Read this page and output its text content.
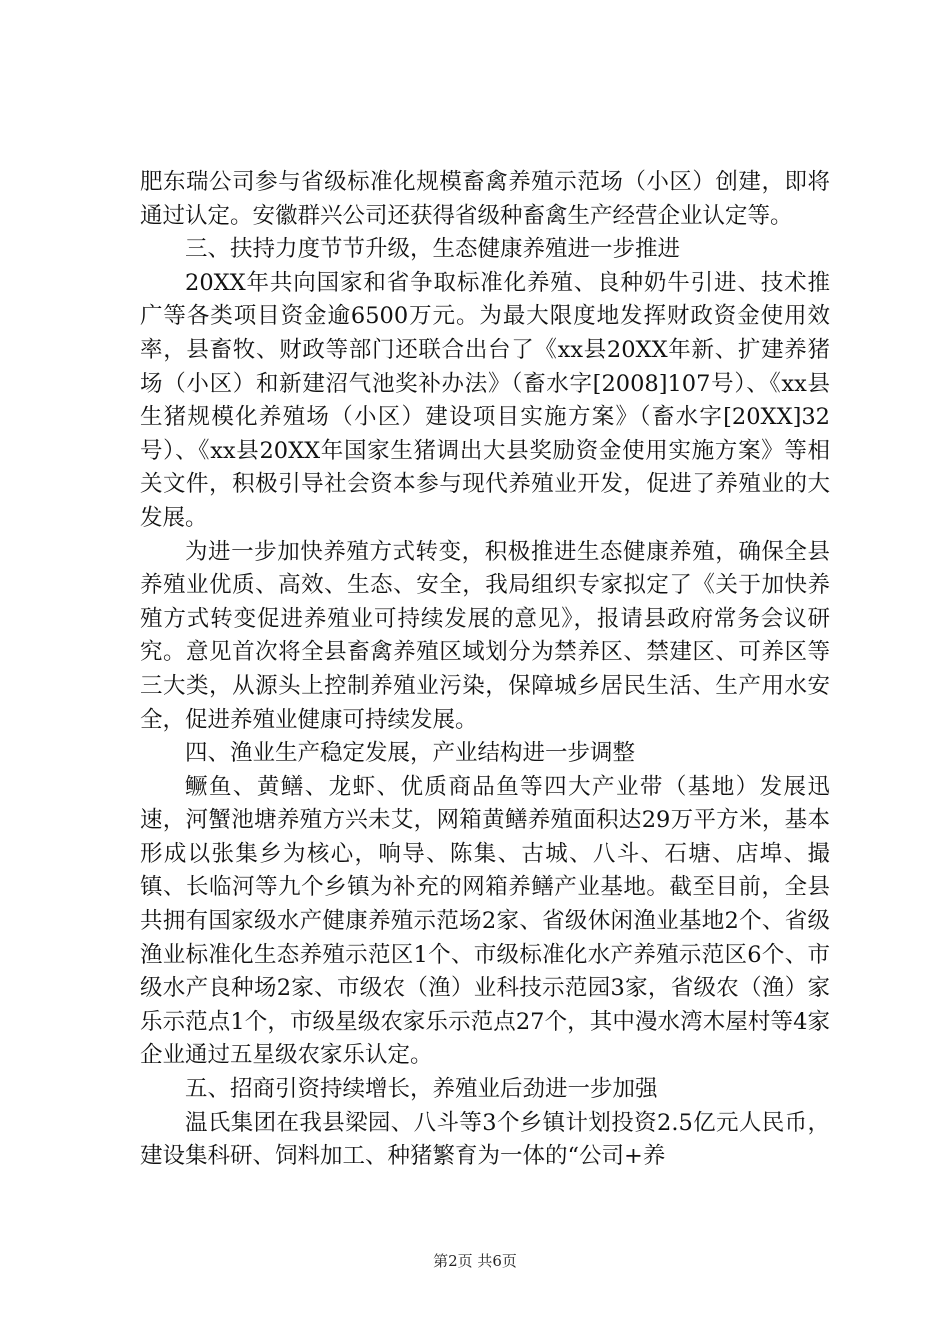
肥东瑞公司参与省级标准化规模畜禽养殖示范场（小区）创建，即将通过认定。安徽群兴公司还获得省级种畜禽生产经营企业认定等。

三、扶持力度节节升级，生态健康养殖进一步推进

20XX年共向国家和省争取标准化养殖、良种奶牛引进、技术推广等各类项目资金逾6500万元。为最大限度地发挥财政资金使用效率，县畜牧、财政等部门还联合出台了《xx县20XX年新、扩建养猪场（小区）和新建沼气池奖补办法》（畜水字[2008]107号）、《xx县生猪规模化养殖场（小区）建设项目实施方案》（畜水字[20XX]32号）、《xx县20XX年国家生猪调出大县奖励资金使用实施方案》等相关文件，积极引导社会资本参与现代养殖业开发，促进了养殖业的大发展。

为进一步加快养殖方式转变，积极推进生态健康养殖，确保全县养殖业优质、高效、生态、安全，我局组织专家拟定了《关于加快养殖方式转变促进养殖业可持续发展的意见》，报请县政府常务会议研究。意见首次将全县畜禽养殖区域划分为禁养区、禁建区、可养区等三大类，从源头上控制养殖业污染，保障城乡居民生活、生产用水安全，促进养殖业健康可持续发展。

四、渔业生产稳定发展，产业结构进一步调整

鳜鱼、黄鳝、龙虾、优质商品鱼等四大产业带（基地）发展迅速，河蟹池塘养殖方兴未艾，网箱黄鳝养殖面积达29万平方米，基本形成以张集乡为核心，响导、陈集、古城、八斗、石塘、店埠、撮镇、长临河等九个乡镇为补充的网箱养鳝产业基地。截至目前，全县共拥有国家级水产健康养殖示范场2家、省级休闲渔业基地2个、省级渔业标准化生态养殖示范区1个、市级标准化水产养殖示范区6个、市级水产良种场2家、市级农（渔）业科技示范园3家，省级农（渔）家乐示范点1个，市级星级农家乐示范点27个，其中漫水湾木屋村等4家企业通过五星级农家乐认定。

五、招商引资持续增长，养殖业后劲进一步加强

温氏集团在我县梁园、八斗等3个乡镇计划投资2.5亿元人民币，建设集科研、饲料加工、种猪繁育为一体的“公司+养

第2页 共6页
